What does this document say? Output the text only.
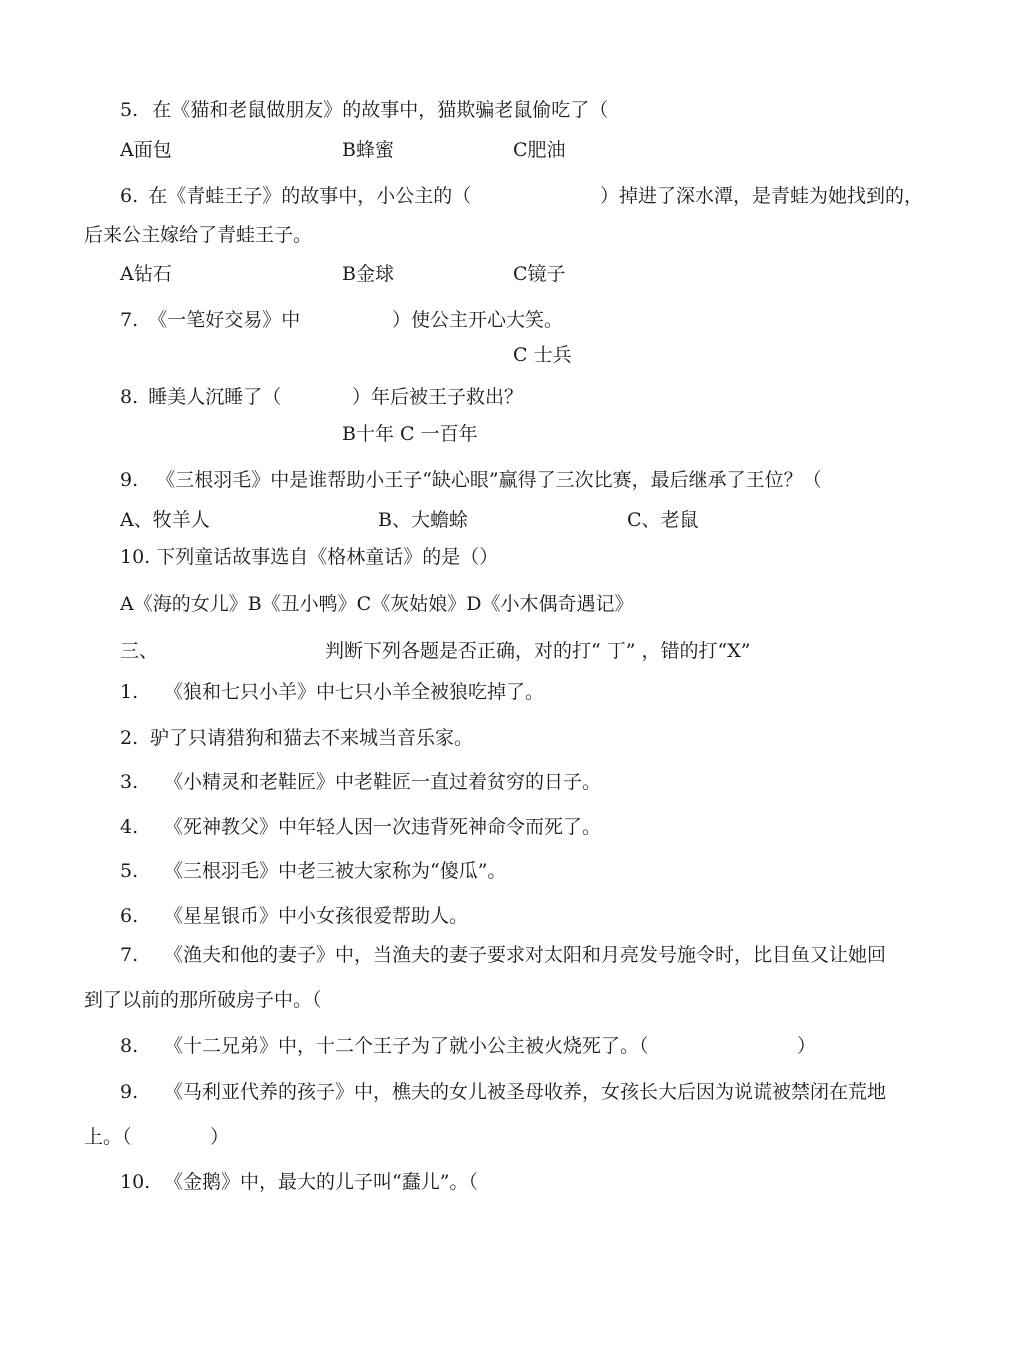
5. 在《猫和老鼠做朋友》的故事中，猫欺骗老鼠偷吃了（
A面包	B蜂蜜	C肥油
6. 在《青蛙王子》的故事中，小公主的（	）掉进了深水潭，是青蛙为她找到的，
后来公主嫁给了青蛙王子。
A钻石	B金球	C镜子
7. 《一笔好交易》中	）使公主开心大笑。
C 士兵
8. 睡美人沉睡了（	）年后被王子救出？
B十年 C 一百年
9. 《三根羽毛》中是谁帮助小王子“缺心眼”赢得了三次比赛，最后继承了王位？（
A、牧羊人	B、大蟾蜍	C、老鼠
10. 下列童话故事选自《格林童话》的是（）
A《海的女儿》B《丑小鸭》C《灰姑娘》D《小木偶奇遇记》
三、	判断下列各题是否正确，对的打“ 丁” ，错的打“X”
1. 《狼和七只小羊》中七只小羊全被狼吃掉了。
2. 驴了只请猎狗和猫去不来城当音乐家。
3. 《小精灵和老鞋匠》中老鞋匠一直过着贫穷的日子。
4. 《死神教父》中年轻人因一次违背死神命令而死了。
5. 《三根羽毛》中老三被大家称为“傻瓜”。
6. 《星星银币》中小女孩很爱帮助人。
7. 《渔夫和他的妻子》中，当渔夫的妻子要求对太阳和月亮发号施令时，比目鱼又让她回
到了以前的那所破房子中。（
8. 《十二兄弟》中，十二个王子为了就小公主被火烧死了。（	）
9. 《马利亚代养的孩子》中，樵夫的女儿被圣母收养，女孩长大后因为说谎被禁闭在荒地
上。（	）
10. 《金鹅》中，最大的儿子叫“蠢儿”。（
